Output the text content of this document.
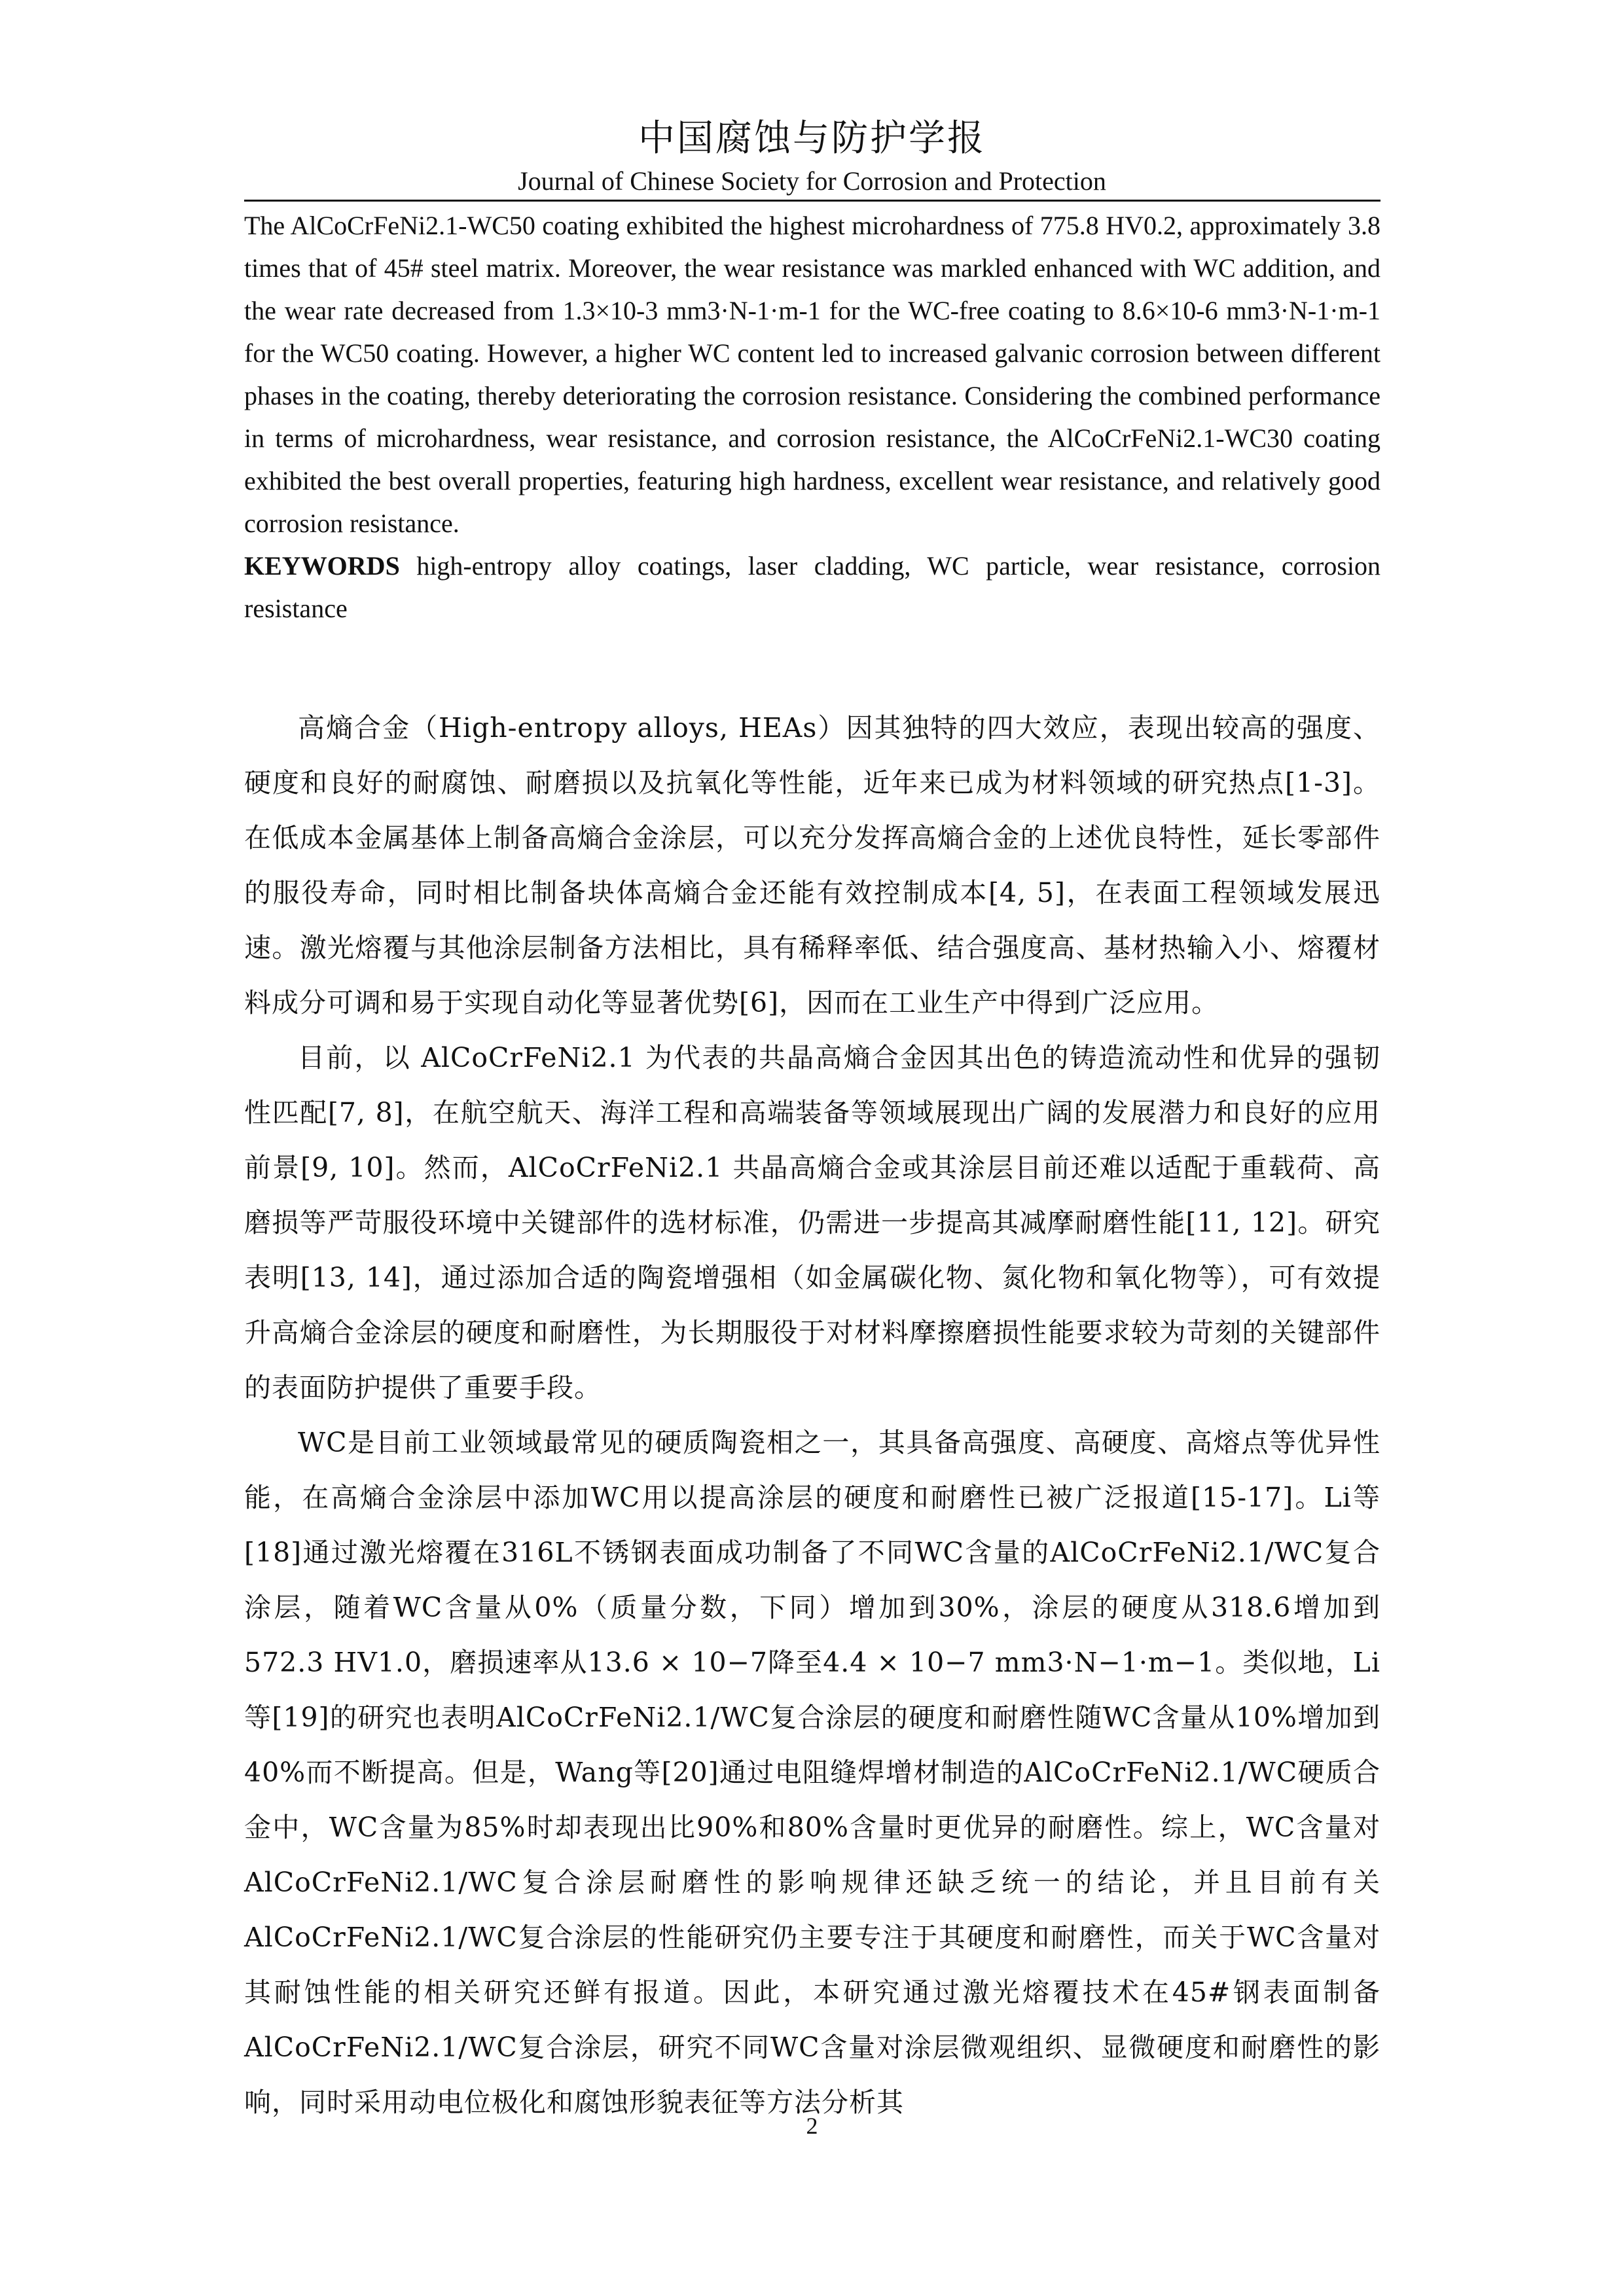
中国腐蚀与防护学报
Journal of Chinese Society for Corrosion and Protection

The AlCoCrFeNi2.1-WC50 coating exhibited the highest microhardness of 775.8 HV0.2, approximately 3.8 times that of 45# steel matrix. Moreover, the wear resistance was markled enhanced with WC addition, and the wear rate decreased from 1.3×10-3 mm3·N-1·m-1 for the WC-free coating to 8.6×10-6 mm3·N-1·m-1 for the WC50 coating. However, a higher WC content led to increased galvanic corrosion between different phases in the coating, thereby deteriorating the corrosion resistance. Considering the combined performance in terms of microhardness, wear resistance, and corrosion resistance, the AlCoCrFeNi2.1-WC30 coating exhibited the best overall properties, featuring high hardness, excellent wear resistance, and relatively good corrosion resistance.

KEYWORDS high-entropy alloy coatings, laser cladding, WC particle, wear resistance, corrosion resistance

高熵合金（High-entropy alloys, HEAs）因其独特的四大效应，表现出较高的强度、硬度和良好的耐腐蚀、耐磨损以及抗氧化等性能，近年来已成为材料领域的研究热点[1-3]。在低成本金属基体上制备高熵合金涂层，可以充分发挥高熵合金的上述优良特性，延长零部件的服役寿命，同时相比制备块体高熵合金还能有效控制成本[4, 5]，在表面工程领域发展迅速。激光熔覆与其他涂层制备方法相比，具有稀释率低、结合强度高、基材热输入小、熔覆材料成分可调和易于实现自动化等显著优势[6]，因而在工业生产中得到广泛应用。

目前，以 AlCoCrFeNi2.1 为代表的共晶高熵合金因其出色的铸造流动性和优异的强韧性匹配[7, 8]，在航空航天、海洋工程和高端装备等领域展现出广阔的发展潜力和良好的应用前景[9, 10]。然而，AlCoCrFeNi2.1 共晶高熵合金或其涂层目前还难以适配于重载荷、高磨损等严苛服役环境中关键部件的选材标准，仍需进一步提高其减摩耐磨性能[11, 12]。研究表明[13, 14]，通过添加合适的陶瓷增强相（如金属碳化物、氮化物和氧化物等），可有效提升高熵合金涂层的硬度和耐磨性，为长期服役于对材料摩擦磨损性能要求较为苛刻的关键部件的表面防护提供了重要手段。

WC是目前工业领域最常见的硬质陶瓷相之一，其具备高强度、高硬度、高熔点等优异性能，在高熵合金涂层中添加WC用以提高涂层的硬度和耐磨性已被广泛报道[15-17]。Li等[18]通过激光熔覆在316L不锈钢表面成功制备了不同WC含量的AlCoCrFeNi2.1/WC复合涂层，随着WC含量从0%（质量分数，下同）增加到30%，涂层的硬度从318.6增加到572.3 HV1.0，磨损速率从13.6 × 10−7降至4.4 × 10−7 mm3·N−1·m−1。类似地，Li等[19]的研究也表明AlCoCrFeNi2.1/WC复合涂层的硬度和耐磨性随WC含量从10%增加到40%而不断提高。但是，Wang等[20]通过电阻缝焊增材制造的AlCoCrFeNi2.1/WC硬质合金中，WC含量为85%时却表现出比90%和80%含量时更优异的耐磨性。综上，WC含量对AlCoCrFeNi2.1/WC复合涂层耐磨性的影响规律还缺乏统一的结论，并且目前有关AlCoCrFeNi2.1/WC复合涂层的性能研究仍主要专注于其硬度和耐磨性，而关于WC含量对其耐蚀性能的相关研究还鲜有报道。因此，本研究通过激光熔覆技术在45#钢表面制备AlCoCrFeNi2.1/WC复合涂层，研究不同WC含量对涂层微观组织、显微硬度和耐磨性的影响，同时采用动电位极化和腐蚀形貌表征等方法分析其

2
